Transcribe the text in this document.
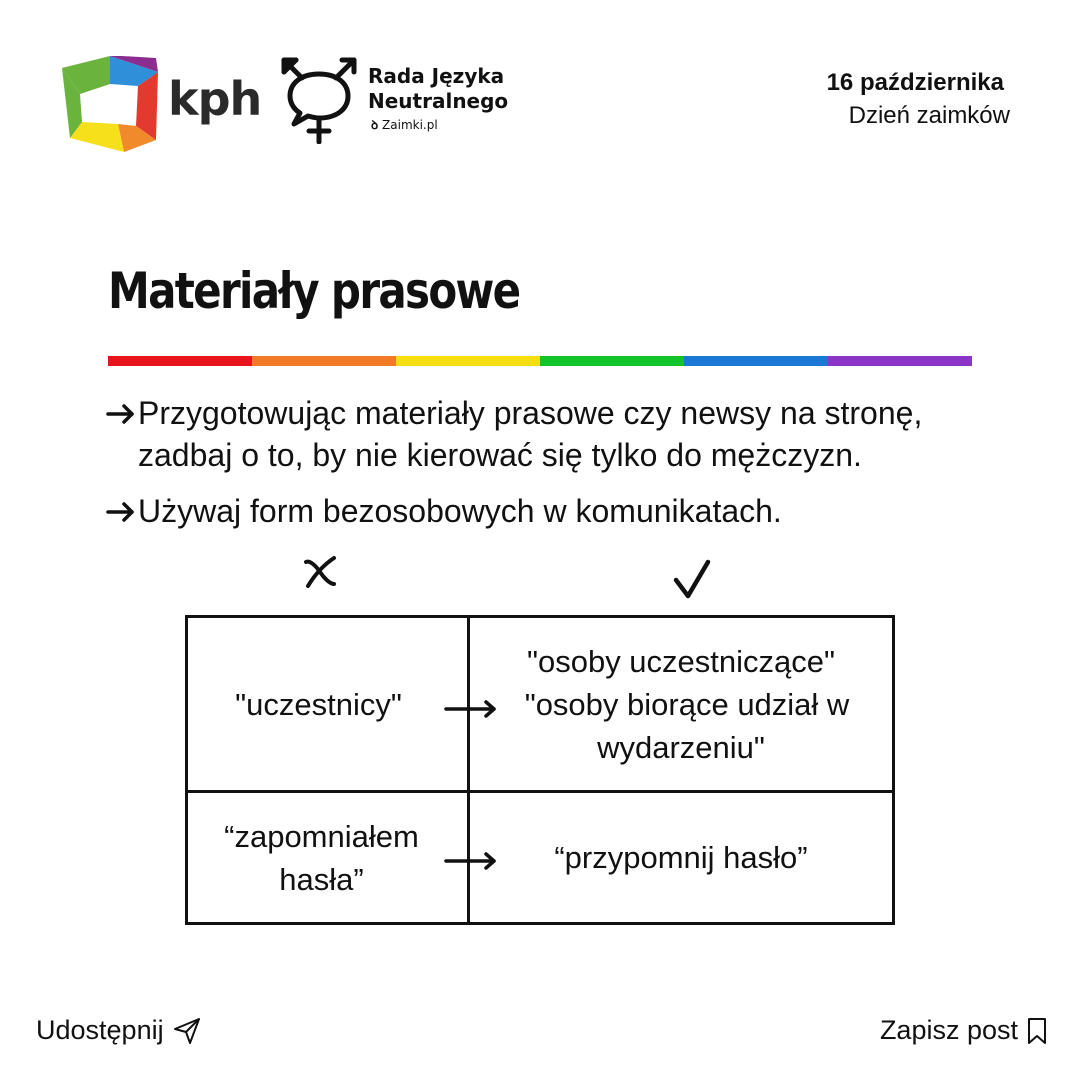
kph	Rada Języka
Neutralnego
ꝺ Zaimki.pl
16 października
Dzień zaimków
Materiały prasowe
Przygotowując materiały prasowe czy newsy na stronę,
zadbaj o to, by nie kierować się tylko do mężczyzn.
Używaj form bezosobowych w komunikatach.
"uczestnicy"
"osoby uczestniczące"
"osoby biorące udział w
wydarzeniu"
“zapomniałem
hasła”
“przypomnij hasło”
Udostępnij	Zapisz post
